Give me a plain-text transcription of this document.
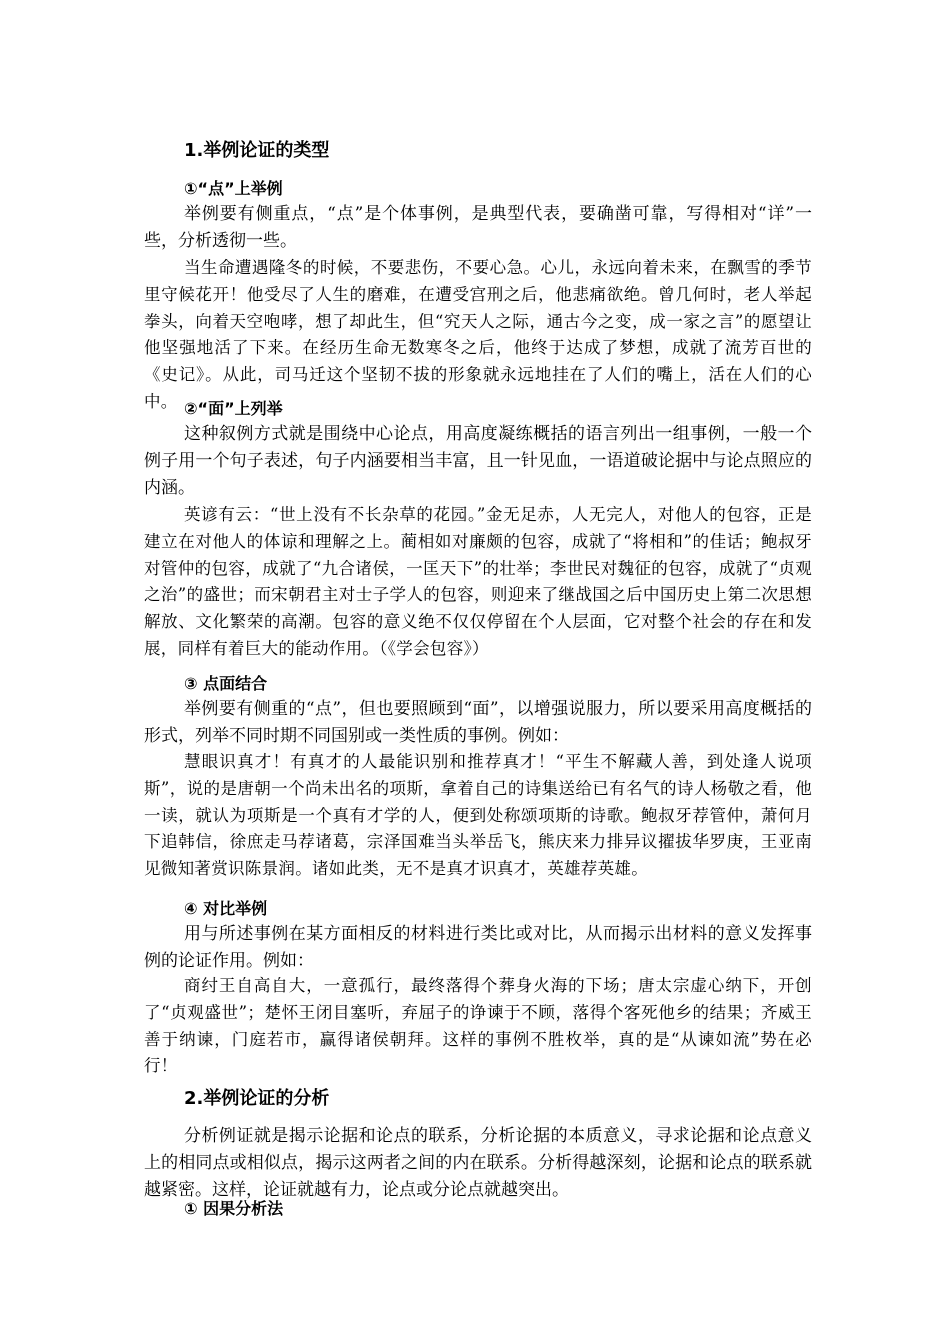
1.举例论证的类型
①“点”上举例

举例要有侧重点，“点”是个体事例，是典型代表，要确凿可靠，写得相对“详”一些，分析透彻一些。

当生命遭遇隆冬的时候，不要悲伤，不要心急。心儿，永远向着未来，在飘雪的季节里守候花开！他受尽了人生的磨难，在遭受宫刑之后，他悲痛欲绝。曾几何时，老人举起拳头，向着天空咆哮，想了却此生，但“究天人之际，通古今之变，成一家之言”的愿望让他坚强地活了下来。在经历生命无数寒冬之后，他终于达成了梦想，成就了流芳百世的《史记》。从此，司马迁这个坚韧不拔的形象就永远地挂在了人们的嘴上，活在人们的心中。 ②“面”上列举

这种叙例方式就是围绕中心论点，用高度凝练概括的语言列出一组事例，一般一个例子用一个句子表述，句子内涵要相当丰富，且一针见血，一语道破论据中与论点照应的内涵。

英谚有云：“世上没有不长杂草的花园。”金无足赤，人无完人，对他人的包容，正是建立在对他人的体谅和理解之上。蔺相如对廉颇的包容，成就了“将相和”的佳话；鲍叔牙对管仲的包容，成就了“九合诸侯，一匡天下”的壮举；李世民对魏征的包容，成就了“贞观之治”的盛世；而宋朝君主对士子学人的包容，则迎来了继战国之后中国历史上第二次思想解放、文化繁荣的高潮。包容的意义绝不仅仅停留在个人层面，它对整个社会的存在和发展，同样有着巨大的能动作用。（《学会包容》）

③ 点面结合

举例要有侧重的“点”，但也要照顾到“面”，以增强说服力，所以要采用高度概括的形式，列举不同时期不同国别或一类性质的事例。例如：

慧眼识真才！有真才的人最能识别和推荐真才！“平生不解藏人善，到处逢人说项斯”，说的是唐朝一个尚未出名的项斯，拿着自己的诗集送给已有名气的诗人杨敬之看，他一读，就认为项斯是一个真有才学的人，便到处称颂项斯的诗歌。鲍叔牙荐管仲，萧何月下追韩信，徐庶走马荐诸葛，宗泽国难当头举岳飞，熊庆来力排异议擢拔华罗庚，王亚南见微知著赏识陈景润。诸如此类，无不是真才识真才，英雄荐英雄。

④ 对比举例

用与所述事例在某方面相反的材料进行类比或对比，从而揭示出材料的意义发挥事例的论证作用。例如：

商纣王自高自大，一意孤行，最终落得个葬身火海的下场；唐太宗虚心纳下，开创了“贞观盛世”；楚怀王闭目塞听，弃屈子的诤谏于不顾，落得个客死他乡的结果；齐威王善于纳谏，门庭若市，赢得诸侯朝拜。这样的事例不胜枚举，真的是“从谏如流”势在必行！

2.举例论证的分析

分析例证就是揭示论据和论点的联系，分析论据的本质意义，寻求论据和论点意义上的相同点或相似点，揭示这两者之间的内在联系。分析得越深刻，论据和论点的联系就越紧密。这样，论证就越有力，论点或分论点就越突出。

① 因果分析法
